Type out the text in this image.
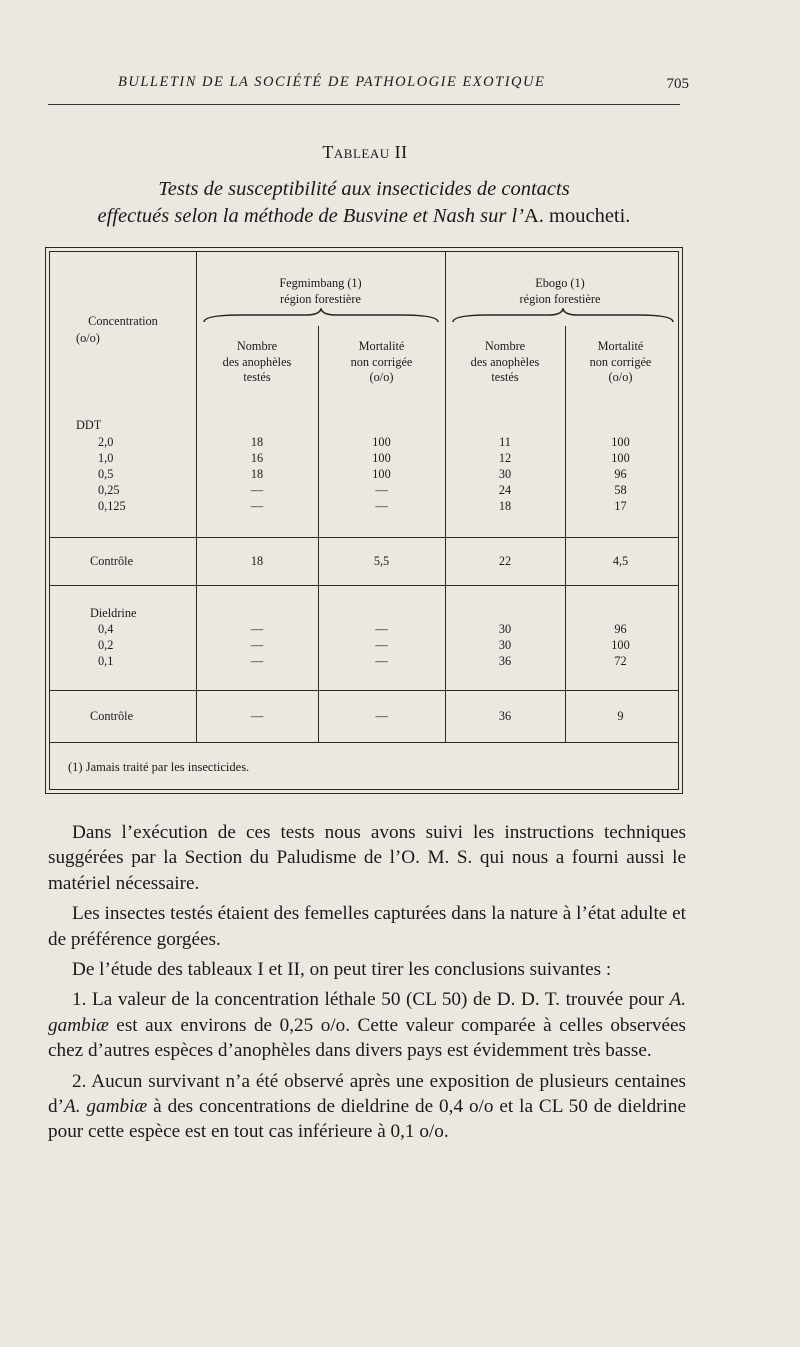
BULLETIN DE LA SOCIÉTÉ DE PATHOLOGIE EXOTIQUE	705
Tableau II
Tests de susceptibilité aux insecticides de contacts
effectués selon la méthode de Busvine et Nash sur l’A. moucheti.
Concentration
(o/o)
Fegmimbang (1)
région forestière
Ebogo (1)
région forestière
Nombre
des anophèles
testés
Mortalité
non corrigée
(o/o)
Nombre
des anophèles
testés
Mortalité
non corrigée
(o/o)
DDT
2,0	18	100	11	100
1,0	16	100	12	100
0,5	18	100	30	96
0,25	—	—	24	58
0,125	—	—	18	17
Contrôle	18	5,5	22	4,5
Dieldrine
0,4	—	—	30	96
0,2	—	—	30	100
0,1	—	—	36	72
Contrôle	—	—	36	9
(1) Jamais traité par les insecticides.

Dans l’exécution de ces tests nous avons suivi les instructions techniques suggérées par la Section du Paludisme de l’O. M. S. qui nous a fourni aussi le matériel nécessaire.

Les insectes testés étaient des femelles capturées dans la nature à l’état adulte et de préférence gorgées.

De l’étude des tableaux I et II, on peut tirer les conclusions suivantes :

1. La valeur de la concentration léthale 50 (CL 50) de D. D. T. trouvée pour A. gambiæ est aux environs de 0,25 o/o. Cette valeur comparée à celles observées chez d’autres espèces d’anophèles dans divers pays est évidemment très basse.

2. Aucun survivant n’a été observé après une exposition de plusieurs centaines d’A. gambiæ à des concentrations de dieldrine de 0,4 o/o et la CL 50 de dieldrine pour cette espèce est en tout cas inférieure à 0,1 o/o.
